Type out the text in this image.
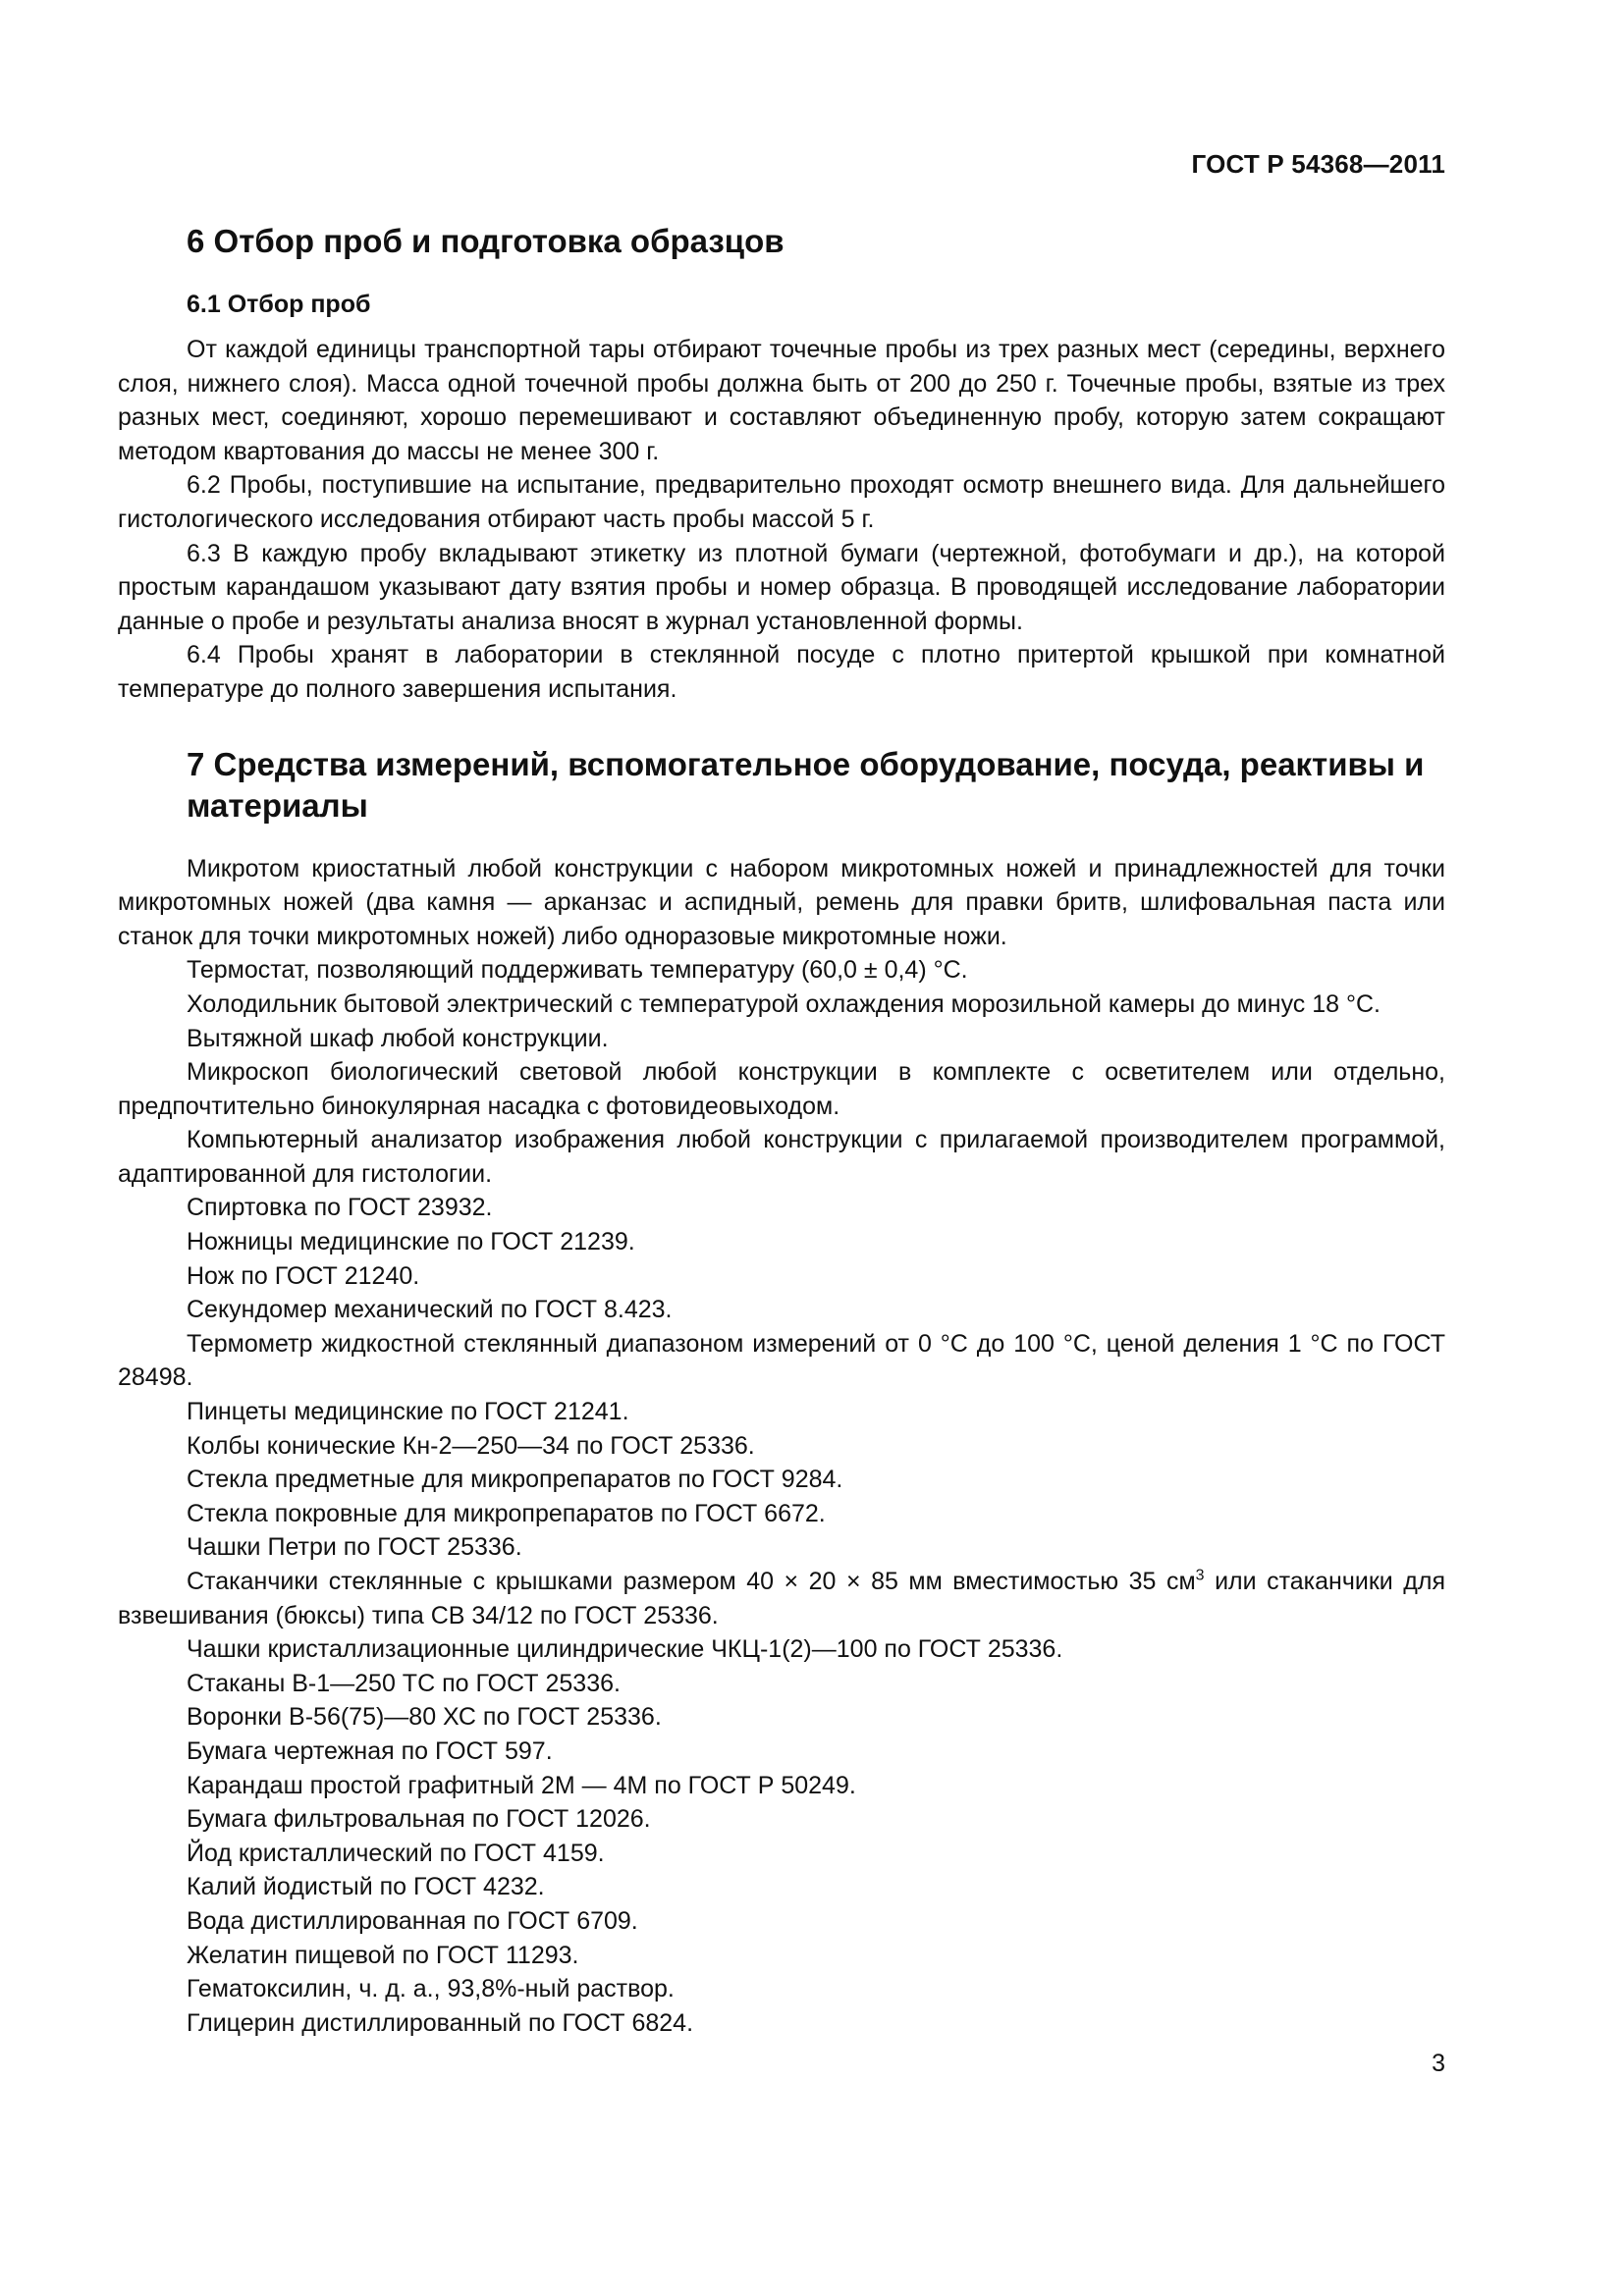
ГОСТ Р 54368—2011
6 Отбор проб и подготовка образцов
6.1 Отбор проб

От каждой единицы транспортной тары отбирают точечные пробы из трех разных мест (середины, верхнего слоя, нижнего слоя). Масса одной точечной пробы должна быть от 200 до 250 г. Точечные пробы, взятые из трех разных мест, соединяют, хорошо перемешивают и составляют объединенную пробу, которую затем сокращают методом квартования до массы не менее 300 г.

6.2 Пробы, поступившие на испытание, предварительно проходят осмотр внешнего вида. Для дальнейшего гистологического исследования отбирают часть пробы массой 5 г.

6.3 В каждую пробу вкладывают этикетку из плотной бумаги (чертежной, фотобумаги и др.), на которой простым карандашом указывают дату взятия пробы и номер образца. В проводящей исследование лаборатории данные о пробе и результаты анализа вносят в журнал установленной формы.

6.4 Пробы хранят в лаборатории в стеклянной посуде с плотно притертой крышкой при комнатной температуре до полного завершения испытания.

7 Средства измерений, вспомогательное оборудование, посуда, реактивы и материалы

Микротом криостатный любой конструкции с набором микротомных ножей и принадлежностей для точки микротомных ножей (два камня — арканзас и аспидный, ремень для правки бритв, шлифовальная паста или станок для точки микротомных ножей) либо одноразовые микротомные ножи.

Термостат, позволяющий поддерживать температуру (60,0 ± 0,4) °С.

Холодильник бытовой электрический с температурой охлаждения морозильной камеры до минус 18 °С.

Вытяжной шкаф любой конструкции.

Микроскоп биологический световой любой конструкции в комплекте с осветителем или отдельно, предпочтительно бинокулярная насадка с фотовидеовыходом.

Компьютерный анализатор изображения любой конструкции с прилагаемой производителем программой, адаптированной для гистологии.

Спиртовка по ГОСТ 23932.

Ножницы медицинские по ГОСТ 21239.

Нож по ГОСТ 21240.

Секундомер механический по ГОСТ 8.423.

Термометр жидкостной стеклянный диапазоном измерений от 0 °С до 100 °С, ценой деления 1 °С по ГОСТ 28498.

Пинцеты медицинские по ГОСТ 21241.

Колбы конические Кн-2—250—34 по ГОСТ 25336.

Стекла предметные для микропрепаратов по ГОСТ 9284.

Стекла покровные для микропрепаратов по ГОСТ 6672.

Чашки Петри по ГОСТ 25336.

Стаканчики стеклянные с крышками размером 40 × 20 × 85 мм вместимостью 35 $см^3$ или стаканчики для взвешивания (бюксы) типа СВ 34/12 по ГОСТ 25336.

Чашки кристаллизационные цилиндрические ЧКЦ-1(2)—100 по ГОСТ 25336.

Стаканы В-1—250 ТС по ГОСТ 25336.

Воронки В-56(75)—80 ХС по ГОСТ 25336.

Бумага чертежная по ГОСТ 597.

Карандаш простой графитный 2М — 4М по ГОСТ Р 50249.

Бумага фильтровальная по ГОСТ 12026.

Йод кристаллический по ГОСТ 4159.

Калий йодистый по ГОСТ 4232.

Вода дистиллированная по ГОСТ 6709.

Желатин пищевой по ГОСТ 11293.

Гематоксилин, ч. д. а., 93,8%-ный раствор.

Глицерин дистиллированный по ГОСТ 6824.

3
